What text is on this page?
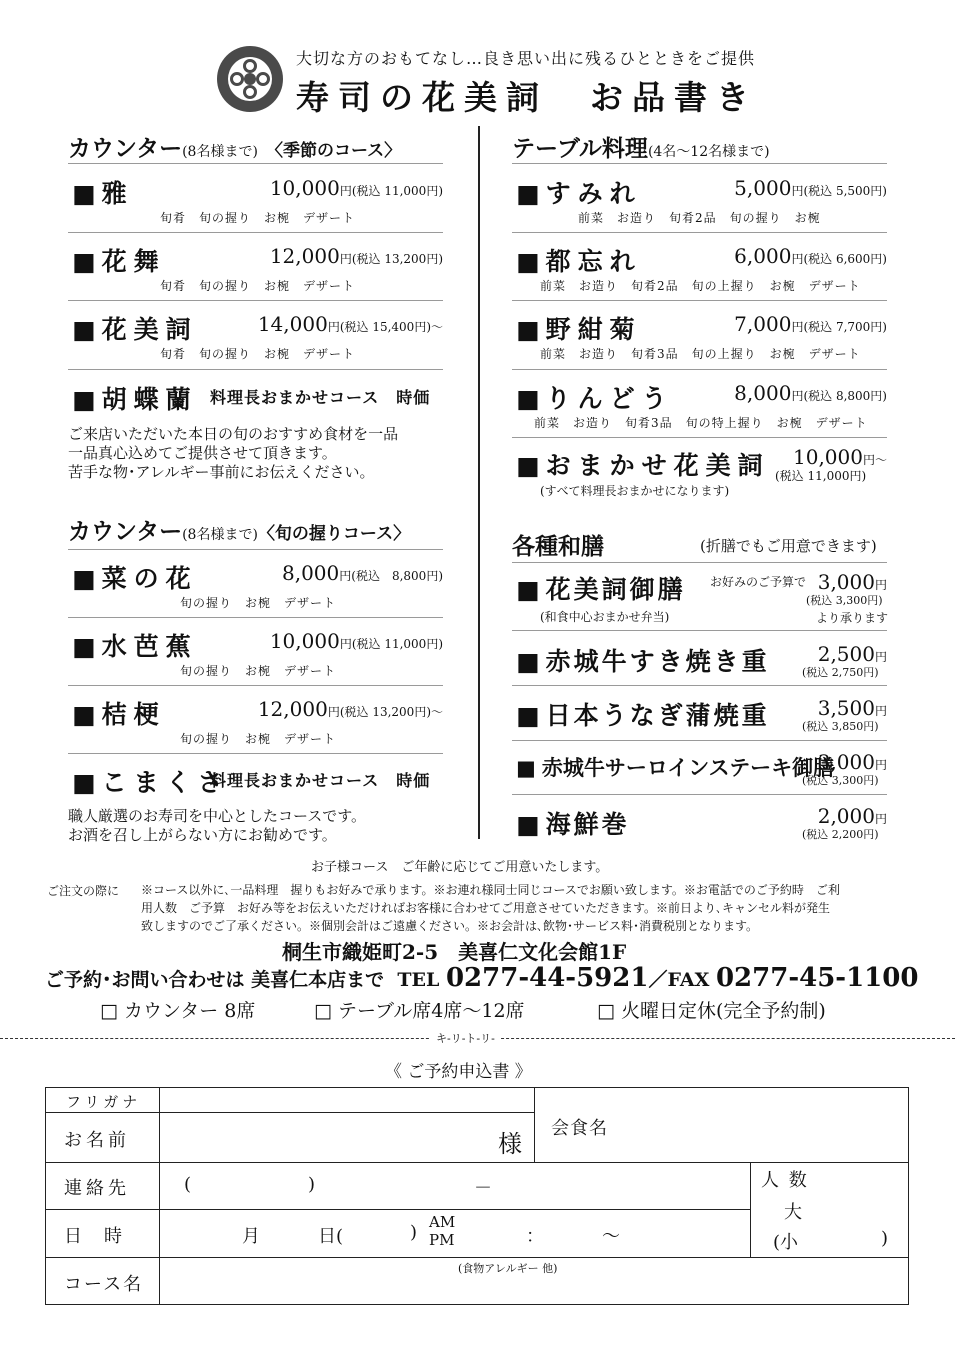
大切な方のおもてなし…良き思い出に残るひとときをご提供
寿司の花美詞　お品書き
カウンター(8名様まで) 〈季節のコース〉
■ 雅	10,000円(税込 11,000円)
旬肴　旬の握り　お椀　デザート
■ 花舞	12,000円(税込 13,200円)
旬肴　旬の握り　お椀　デザート
■ 花美詞	14,000円(税込 15,400円)～
旬肴　旬の握り　お椀　デザート
■ 胡蝶蘭 料理長おまかせコース　時価
ご来店いただいた本日の旬のおすすめ食材を一品
一品真心込めてご提供させて頂きます。
苦手な物･アレルギー事前にお伝えください。
カウンター(8名様まで)〈旬の握りコース〉
■ 菜の花	8,000円(税込　8,800円)
旬の握り　お椀　デザート
■ 水芭蕉	10,000円(税込 11,000円)
旬の握り　お椀　デザート
■ 桔梗	12,000円(税込 13,200円)～
旬の握り　お椀　デザート
■ こまくさ
料理長おまかせコース　時価
職人厳選のお寿司を中心としたコースです。
お酒を召し上がらない方にお勧めです。
テーブル料理(4名～12名様まで)
■ すみれ	5,000円(税込 5,500円)
前菜　お造り　旬肴2品　旬の握り　お椀
■ 都忘れ	6,000円(税込 6,600円)
前菜　お造り　旬肴2品　旬の上握り　お椀　デザート
■ 野紺菊	7,000円(税込 7,700円)
前菜　お造り　旬肴3品　旬の上握り　お椀　デザート
■ りんどう	8,000円(税込 8,800円)
前菜　お造り　旬肴3品　旬の特上握り　お椀　デザート
■ おまかせ花美詞	10,000円～
(税込 11,000円)
(すべて料理長おまかせになります)
各種和膳	(折膳でもご用意できます)
■ 花美詞御膳
(和食中心おまかせ弁当)
お好みのご予算で 3,000円
(税込 3,300円)
より承ります
■ 赤城牛すき焼き重	2,500円
(税込 2,750円)
■ 日本うなぎ蒲焼重	3,500円
(税込 3,850円)
■ 赤城牛サーロインステーキ御膳
3,000円
(税込 3,300円)
■ 海鮮巻	2,000円
(税込 2,200円)
お子様コース　ご年齢に応じてご用意いたします。
ご注文の際に ※コース以外に､一品料理　握りもお好みで承ります。※お連れ様同士同じコースでお願い致します。※お電話でのご予約時　ご利
用人数　ご予算　お好み等をお伝えいただければお客様に合わせてご用意させていただきます。※前日より､キャンセル料が発生
致しますのでご了承ください。※個別会計はご遠慮ください。※お会計は､飲物･サービス料･消費税別となります。
桐生市織姫町2-5　美喜仁文化会館1F
ご予約･お問い合わせは 美喜仁本店まで TEL 0277-44-5921／FAX 0277-45-1100
□ カウンター 8席	□ テーブル席4席～12席	□ 火曜日定休(完全予約制)
キ-リ-ト-リ-
《 ご予約申込書 》
フリガナ
お名前	様
会食名
連絡先	(	)	－	人 数
大
(小	)
日　時	月	日(	) AM
PM	：	～
コース名
(食物アレルギー 他)
